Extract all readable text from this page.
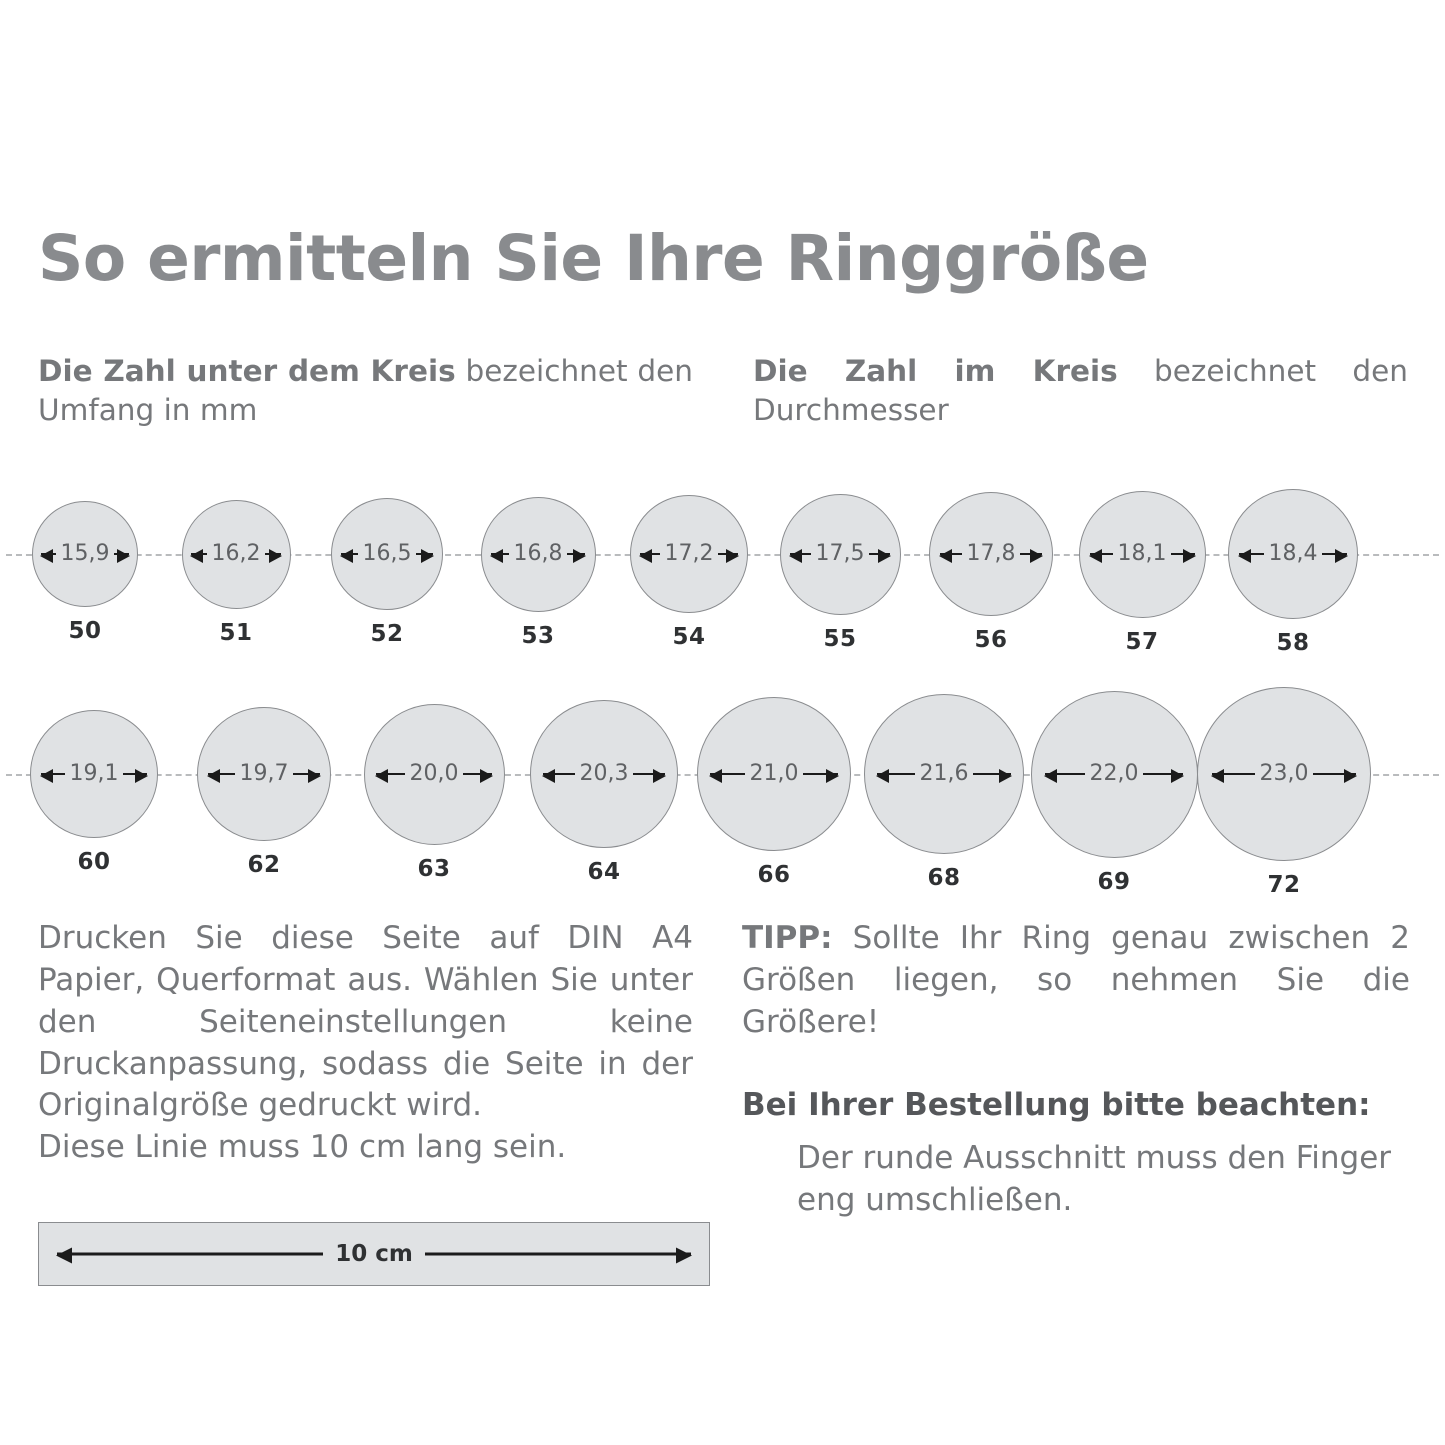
So ermitteln Sie Ihre Ringgröße
Die Zahl unter dem Kreis bezeichnet den Umfang in mm
Die Zahl im Kreis bezeichnet den Durchmesser
15,9
50
16,2
51
16,5
52
16,8
53
17,2
54
17,5
55
17,8
56
18,1
57
18,4
58
19,1
60
19,7
62
20,0
63
20,3
64
21,0
66
21,6
68
22,0
69
23,0
72

Drucken Sie diese Seite auf DIN A4 Papier, Querformat aus. Wählen Sie unter den Seiteneinstellungen keine Druckanpassung, sodass die Seite in der Originalgröße gedruckt wird.

Diese Linie muss 10 cm lang sein.

TIPP: Sollte Ihr Ring genau zwischen 2 Größen liegen, so nehmen Sie die Größere!
Bei Ihrer Bestellung bitte beachten:
Der runde Ausschnitt muss den Finger eng umschließen.
10 cm
